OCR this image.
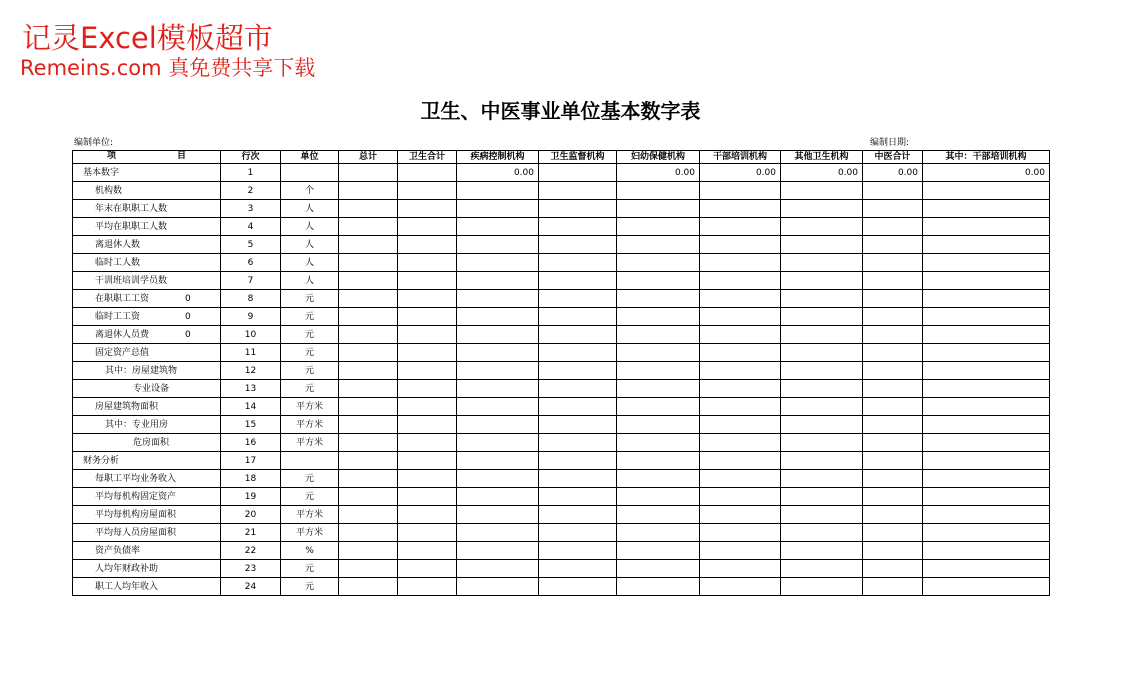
记灵Excel模板超市
Remeins.com 真免费共享下载
卫生、中医事业单位基本数字表
编制单位:	编制日期:
项 目	行次	单位	总计	卫生合计	疾病控制机构	卫生监督机构	妇幼保健机构	干部培训机构	其他卫生机构	中医合计	其中：干部培训机构
基本数字	1				0.00		0.00	0.00	0.00	0.00	0.00
机构数	2	个									
年末在职职工人数	3	人									
平均在职职工人数	4	人									
离退休人数	5	人									
临时工人数	6	人									
干训班培训学员数	7	人									
在职职工工资 0	8	元									
临时工工资 0	9	元									
离退休人员费 0	10	元									
固定资产总值	11	元									
其中：房屋建筑物	12	元									
专业设备	13	元									
房屋建筑物面积	14	平方米									
其中：专业用房	15	平方米									
危房面积	16	平方米									
财务分析	17										
每职工平均业务收入	18	元									
平均每机构固定资产	19	元									
平均每机构房屋面积	20	平方米									
平均每人员房屋面积	21	平方米									
资产负债率	22	%									
人均年财政补助	23	元									
职工人均年收入	24	元									
